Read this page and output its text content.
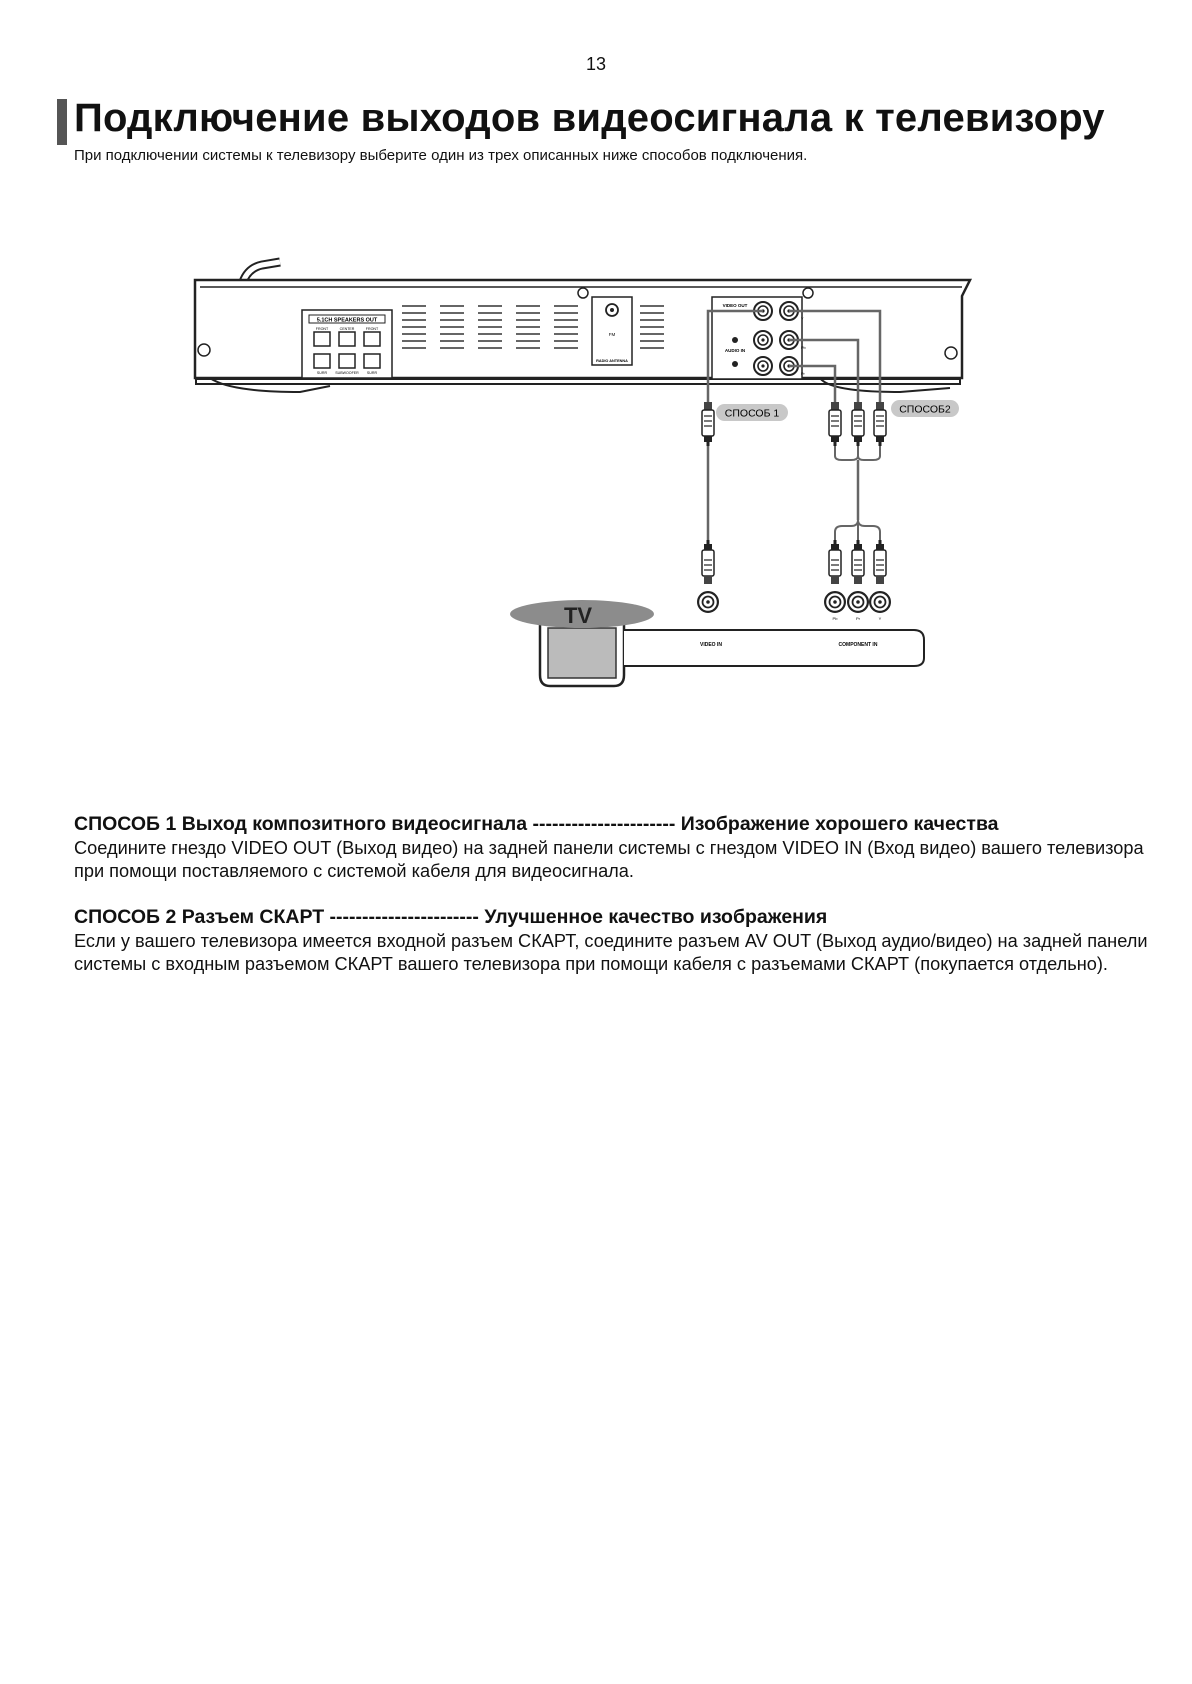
13
Подключение выходов видеосигнала к телевизору
При подключении системы к телевизору выберите один из трех описанных ниже способов подключения.
5.1CH SPEAKERS OUT
FRONT	CENTER	FRONT
SURR SUBWOOFER SURR
FM
RADIO ANTENNA
VIDEO OUT
AUDIO IN
Y
Pb
Pr
Pb	Pr	Y
TV
VIDEO IN	COMPONENT IN
СПОСОБ 1	СПОСОБ2
СПОСОБ 1 Выход композитного видеосигнала ---------------------- Изображение хорошего качества

Соедините гнездо VIDEO OUT (Выход видео) на задней панели системы с гнездом VIDEO IN (Вход видео) вашего телевизора при помощи поставляемого с системой кабеля для видеосигнала.

СПОСОБ 2 Разъем СКАРТ ----------------------- Улучшенное качество изображения

Если у вашего телевизора имеется входной разъем СКАРТ, соедините разъем AV OUT (Выход аудио/видео) на задней панели системы с входным разъемом СКАРТ вашего телевизора при помощи кабеля с разъемами СКАРТ (покупается отдельно).
